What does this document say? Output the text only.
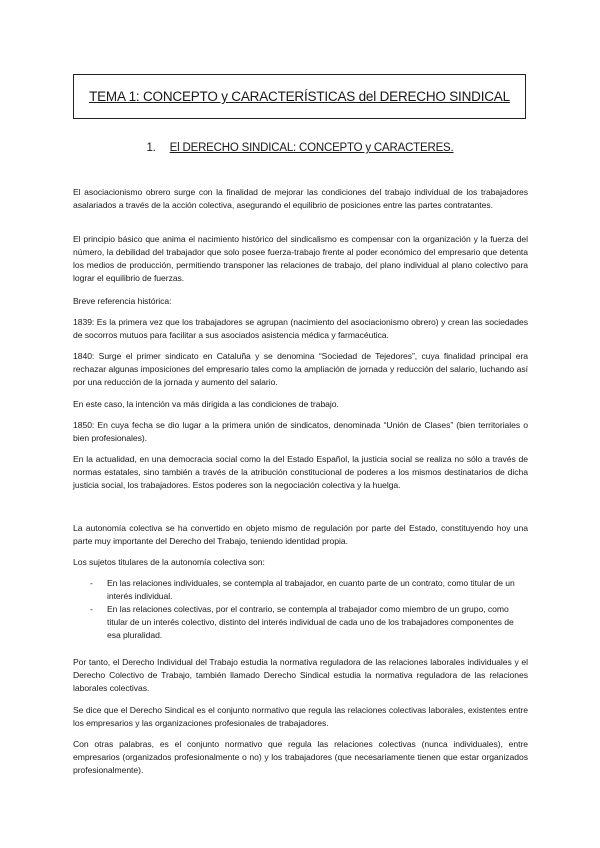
TEMA 1: CONCEPTO y CARACTERÍSTICAS del DERECHO SINDICAL
1. El DERECHO SINDICAL: CONCEPTO y CARACTERES.

El asociacionismo obrero surge con la finalidad de mejorar las condiciones del trabajo individual de los trabajadores asalariados a través de la acción colectiva, asegurando el equilibrio de posiciones entre las partes contratantes.

El principio básico que anima el nacimiento histórico del sindicalismo es compensar con la organización y la fuerza del número, la debilidad del trabajador que solo posee fuerza-trabajo frente al poder económico del empresario que detenta los medios de producción, permitiendo transponer las relaciones de trabajo, del plano individual al plano colectivo para lograr el equilibrio de fuerzas.

Breve referencia histórica:

1839: Es la primera vez que los trabajadores se agrupan (nacimiento del asociacionismo obrero) y crean las sociedades de socorros mutuos para facilitar a sus asociados asistencia médica y farmacéutica.

1840: Surge el primer sindicato en Cataluña y se denomina “Sociedad de Tejedores”, cuya finalidad principal era rechazar algunas imposiciones del empresario tales como la ampliación de jornada y reducción del salario, luchando así por una reducción de la jornada y aumento del salario.

En este caso, la intención va más dirigida a las condiciones de trabajo.

1850: En cuya fecha se dio lugar a la primera unión de sindicatos, denominada “Unión de Clases” (bien territoriales o bien profesionales).

En la actualidad, en una democracia social como la del Estado Español, la justicia social se realiza no sólo a través de normas estatales, sino también a través de la atribución constitucional de poderes a los mismos destinatarios de dicha justicia social, los trabajadores. Estos poderes son la negociación colectiva y la huelga.

La autonomía colectiva se ha convertido en objeto mismo de regulación por parte del Estado, constituyendo hoy una parte muy importante del Derecho del Trabajo, teniendo identidad propia.

Los sujetos titulares de la autonomía colectiva son:

- En las relaciones individuales, se contempla al trabajador, en cuanto parte de un contrato, como titular de un interés individual.
- En las relaciones colectivas, por el contrario, se contempla al trabajador como miembro de un grupo, como titular de un interés colectivo, distinto del interés individual de cada uno de los trabajadores componentes de esa pluralidad.

Por tanto, el Derecho Individual del Trabajo estudia la normativa reguladora de las relaciones laborales individuales y el Derecho Colectivo de Trabajo, también llamado Derecho Sindical estudia la normativa reguladora de las relaciones laborales colectivas.

Se dice que el Derecho Sindical es el conjunto normativo que regula las relaciones colectivas laborales, existentes entre los empresarios y las organizaciones profesionales de trabajadores.

Con otras palabras, es el conjunto normativo que regula las relaciones colectivas (nunca individuales), entre empresarios (organizados profesionalmente o no) y los trabajadores (que necesariamente tienen que estar organizados profesionalmente).
